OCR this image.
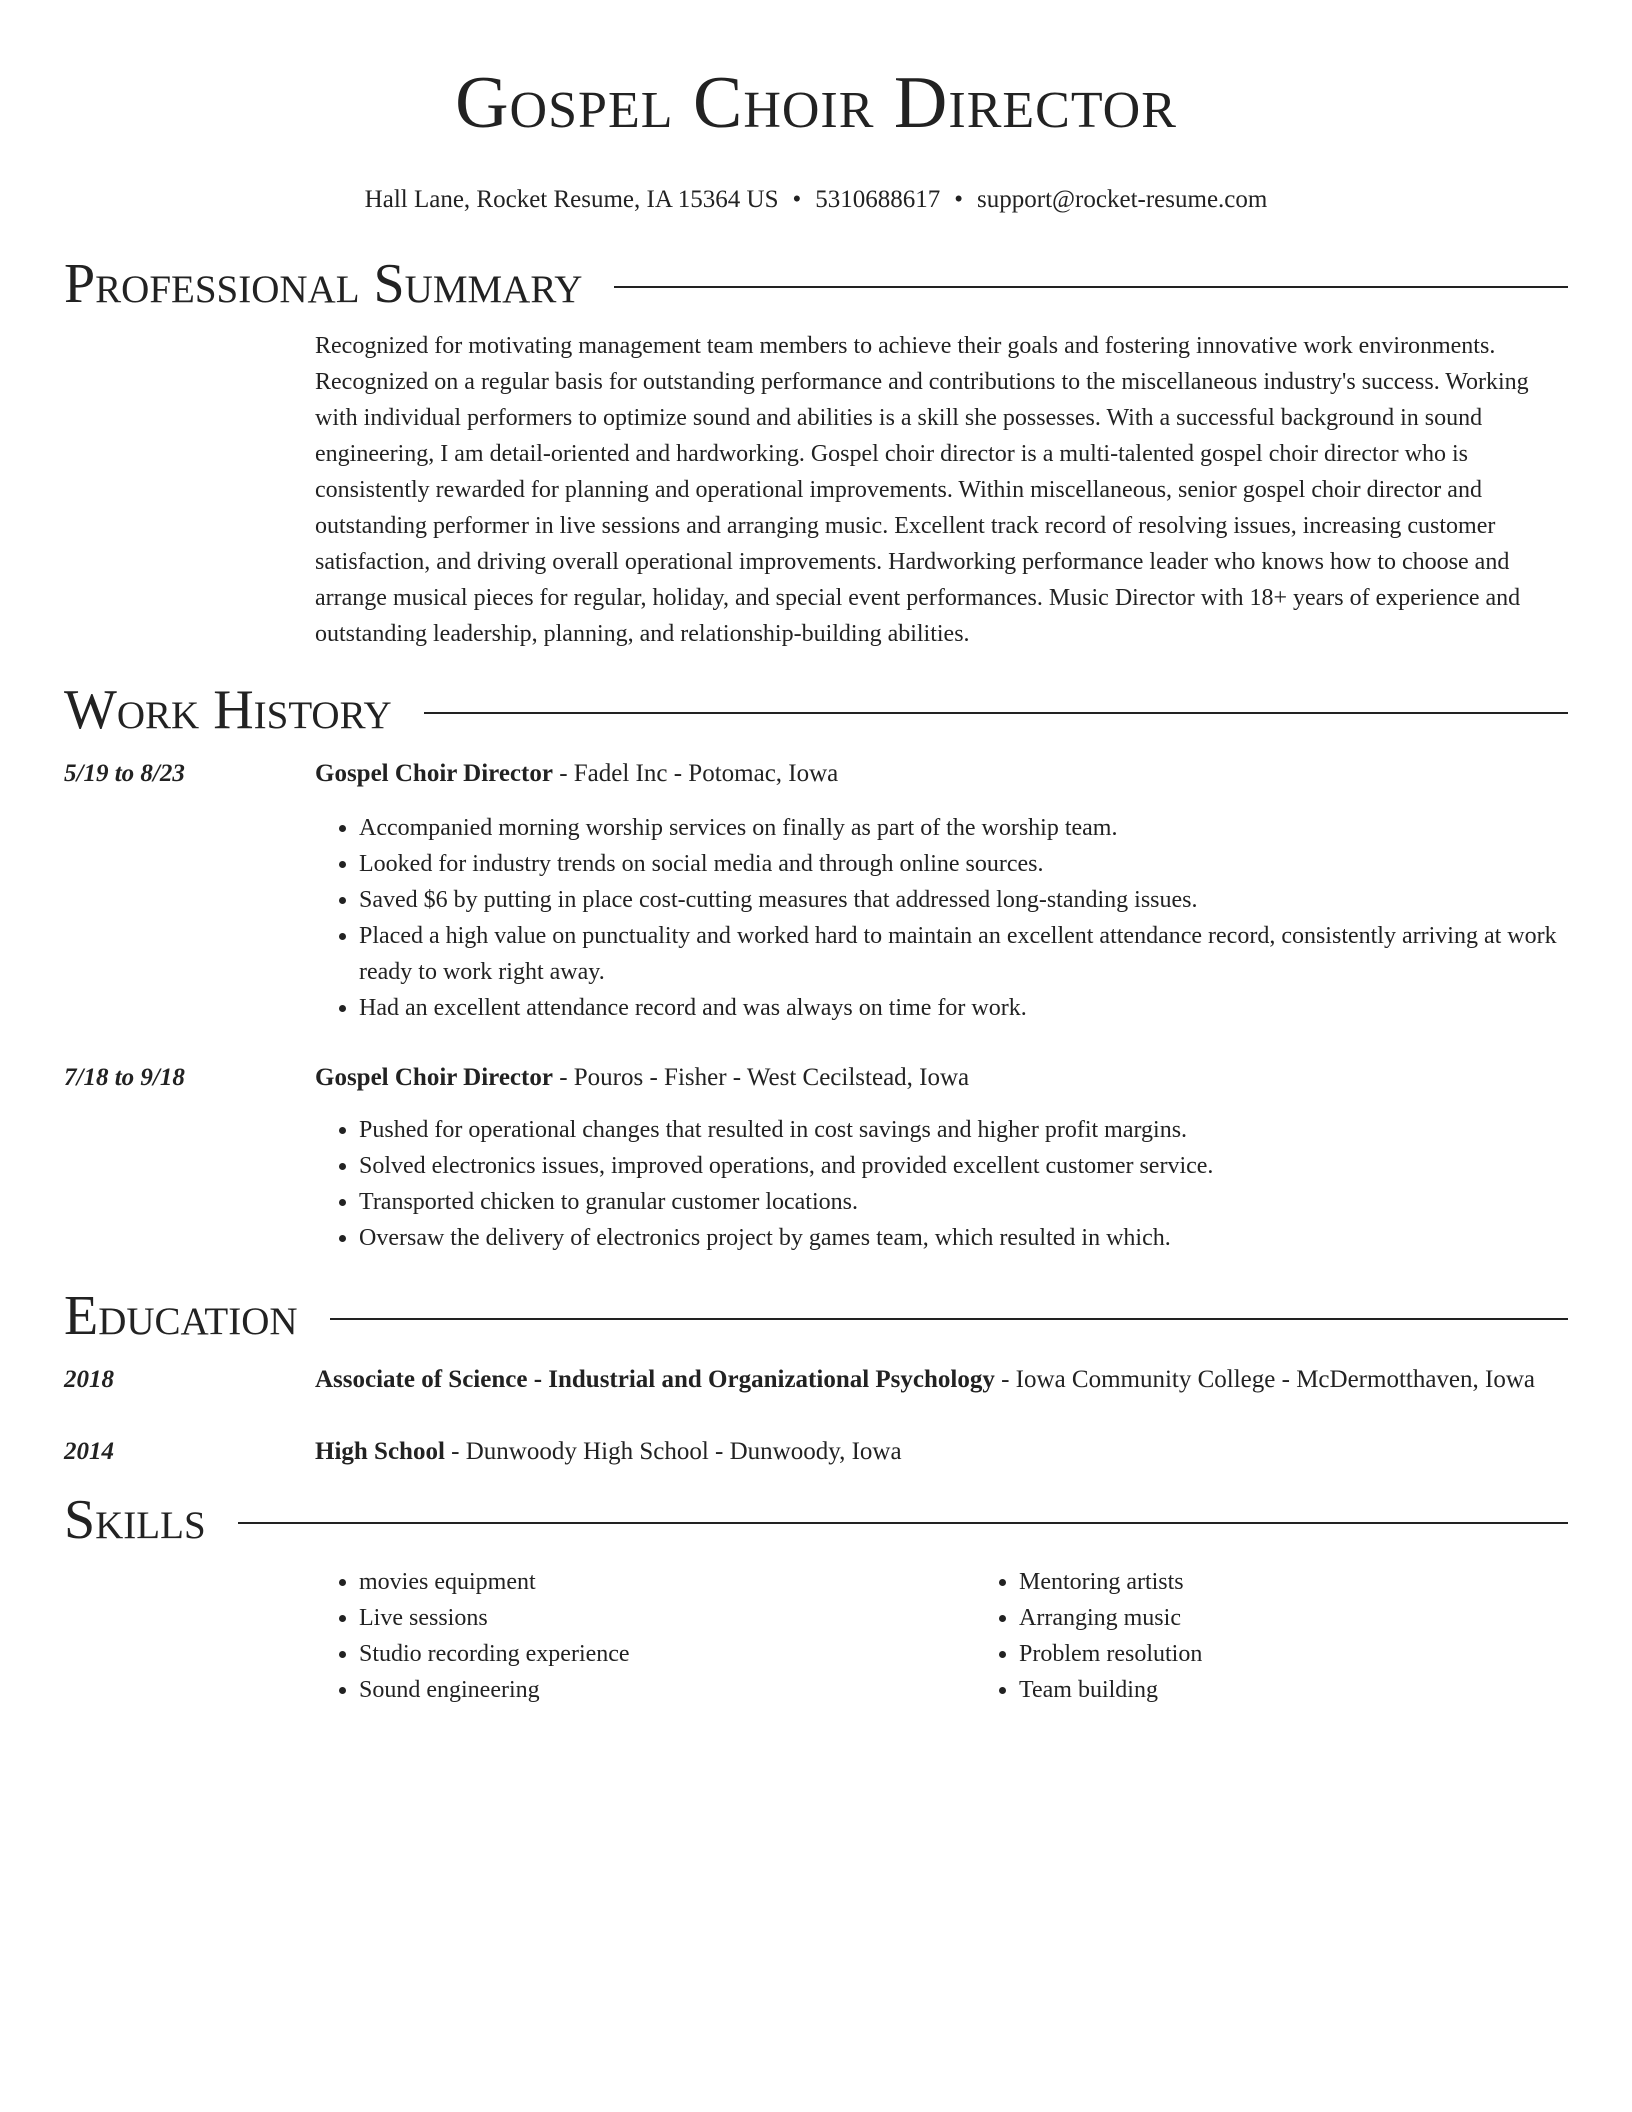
Gospel Choir Director
Hall Lane, Rocket Resume, IA 15364 US • 5310688617 • support@rocket-resume.com
Professional Summary
Recognized for motivating management team members to achieve their goals and fostering innovative work environments. Recognized on a regular basis for outstanding performance and contributions to the miscellaneous industry's success. Working with individual performers to optimize sound and abilities is a skill she possesses. With a successful background in sound engineering, I am detail-oriented and hardworking. Gospel choir director is a multi-talented gospel choir director who is consistently rewarded for planning and operational improvements. Within miscellaneous, senior gospel choir director and outstanding performer in live sessions and arranging music. Excellent track record of resolving issues, increasing customer satisfaction, and driving overall operational improvements. Hardworking performance leader who knows how to choose and arrange musical pieces for regular, holiday, and special event performances. Music Director with 18+ years of experience and outstanding leadership, planning, and relationship-building abilities.
Work History
5/19 to 8/23	Gospel Choir Director - Fadel Inc - Potomac, Iowa
• Accompanied morning worship services on finally as part of the worship team.
• Looked for industry trends on social media and through online sources.
• Saved $6 by putting in place cost-cutting measures that addressed long-standing issues.
• Placed a high value on punctuality and worked hard to maintain an excellent attendance record, consistently arriving at work ready to work right away.
• Had an excellent attendance record and was always on time for work.
7/18 to 9/18	Gospel Choir Director - Pouros - Fisher - West Cecilstead, Iowa
• Pushed for operational changes that resulted in cost savings and higher profit margins.
• Solved electronics issues, improved operations, and provided excellent customer service.
• Transported chicken to granular customer locations.
• Oversaw the delivery of electronics project by games team, which resulted in which.
Education
2018	Associate of Science - Industrial and Organizational Psychology - Iowa Community College - McDermotthaven, Iowa
2014	High School - Dunwoody High School - Dunwoody, Iowa
Skills
• movies equipment
• Live sessions
• Studio recording experience
• Sound engineering
• Mentoring artists
• Arranging music
• Problem resolution
• Team building
